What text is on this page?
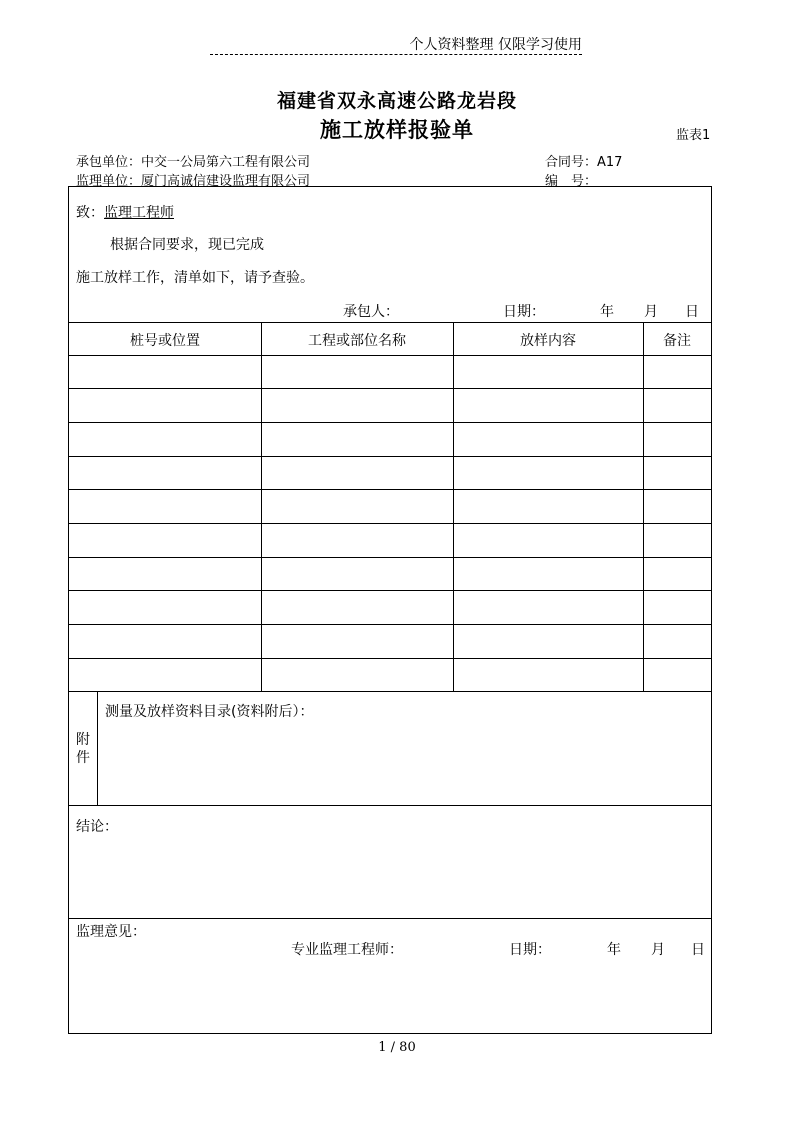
个人资料整理 仅限学习使用
福建省双永高速公路龙岩段
施工放样报验单	监表1
承包单位：中交一公局第六工程有限公司
监理单位：厦门高诚信建设监理有限公司
合同号：A17
编　号：
致：监理工程师
根据合同要求，现已完成
施工放样工作，清单如下，请予查验。
承包人：	日期：	年 月 日
桩号或位置	工程或部位名称	放样内容	备注
附
件
测量及放样资料目录(资料附后）：
结论：
监理意见：
专业监理工程师：	日期：	年 月 日
1 / 80
